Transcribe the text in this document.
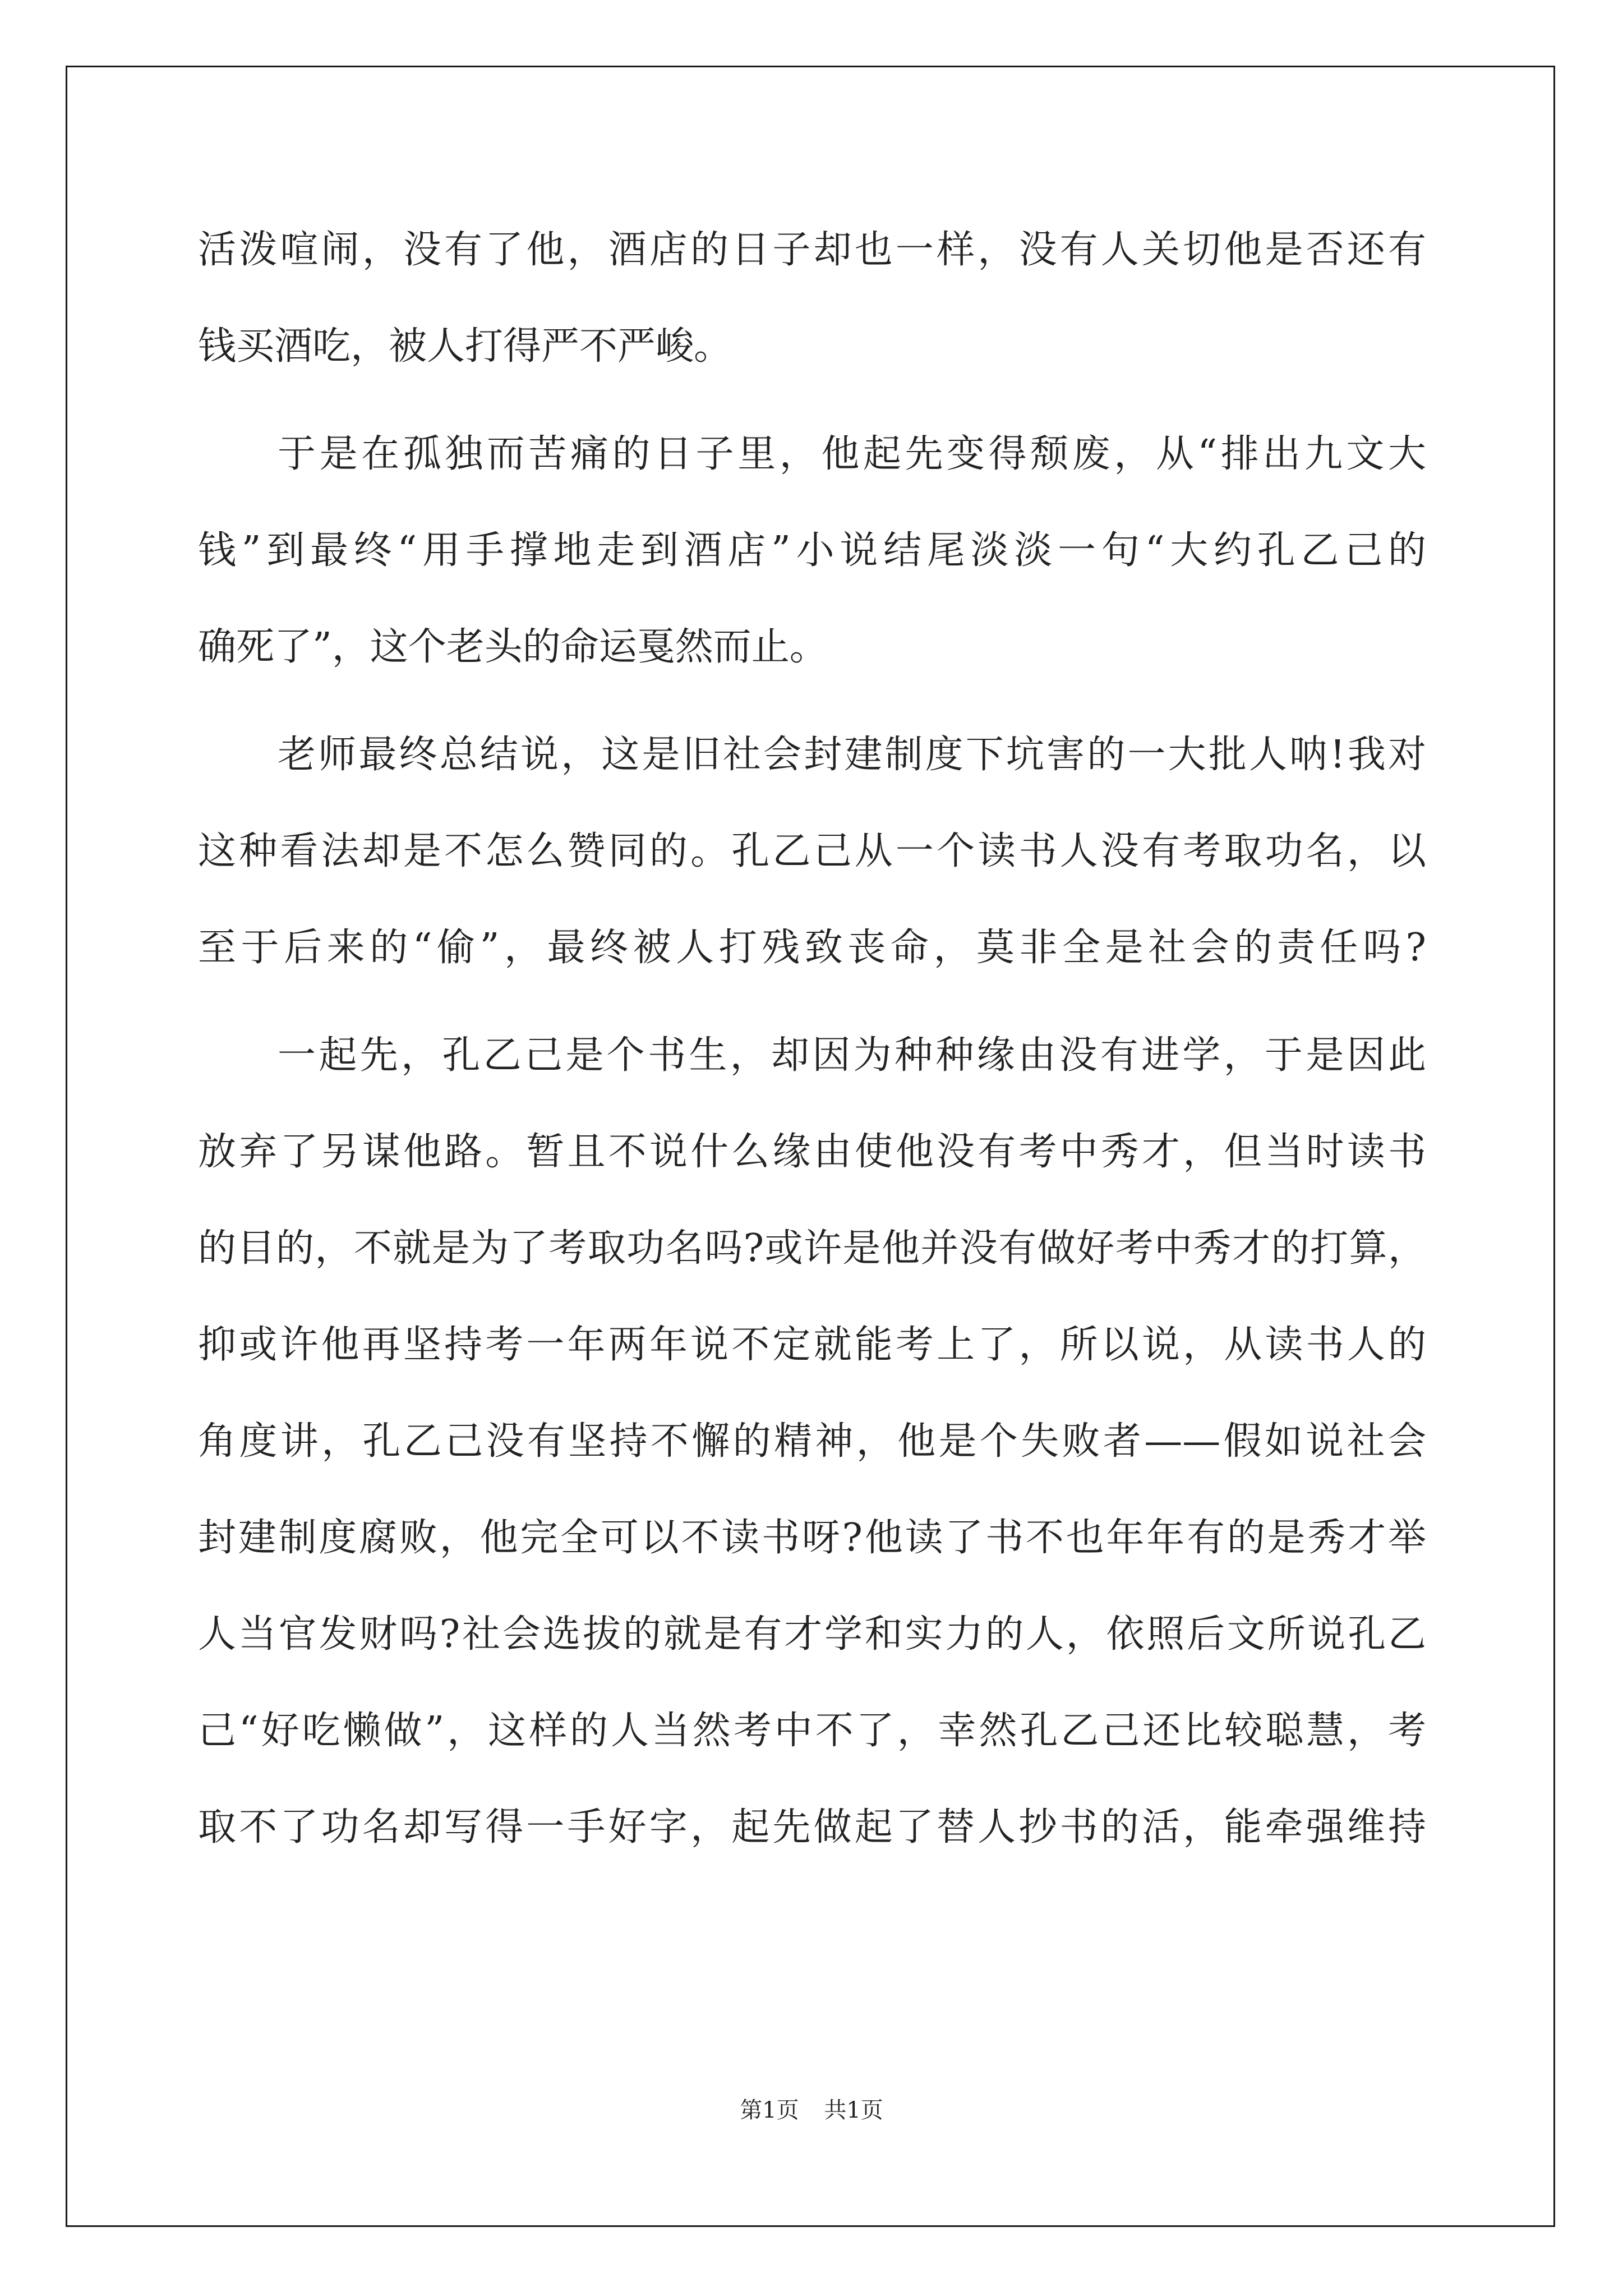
活泼喧闹，没有了他，酒店的日子却也一样，没有人关切他是否还有
钱买酒吃，被人打得严不严峻。
于是在孤独而苦痛的日子里，他起先变得颓废，从“排出九文大
钱”到最终“用手撑地走到酒店”小说结尾淡淡一句“大约孔乙己的
确死了”，这个老头的命运戛然而止。
老师最终总结说，这是旧社会封建制度下坑害的一大批人呐!我对
这种看法却是不怎么赞同的。孔乙己从一个读书人没有考取功名，以
至于后来的“偷”，最终被人打残致丧命，莫非全是社会的责任吗?
一起先，孔乙己是个书生，却因为种种缘由没有进学，于是因此
放弃了另谋他路。暂且不说什么缘由使他没有考中秀才，但当时读书
的目的，不就是为了考取功名吗?或许是他并没有做好考中秀才的打算，
抑或许他再坚持考一年两年说不定就能考上了，所以说，从读书人的
角度讲，孔乙己没有坚持不懈的精神，他是个失败者——假如说社会
封建制度腐败，他完全可以不读书呀?他读了书不也年年有的是秀才举
人当官发财吗?社会选拔的就是有才学和实力的人，依照后文所说孔乙
己“好吃懒做”，这样的人当然考中不了，幸然孔乙己还比较聪慧，考
取不了功名却写得一手好字，起先做起了替人抄书的活，能牵强维持
第1页 共1页
